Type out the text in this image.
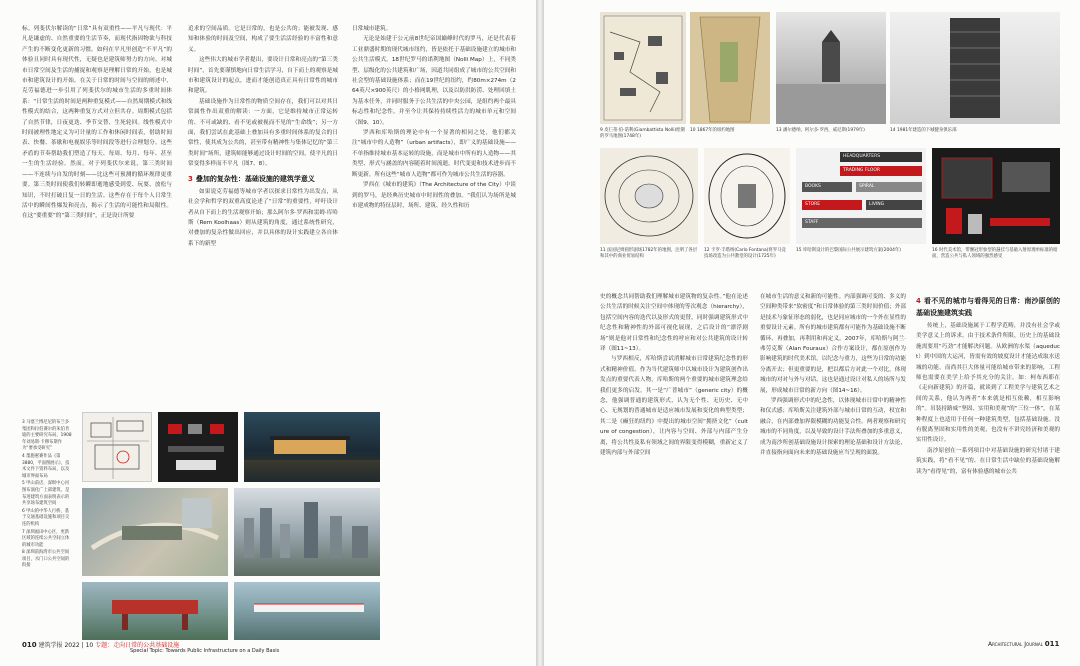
标。列斐伏尔解读的“日常”具有双重性——平凡与现代：平凡是谦虚的、自然重要的生活节奏，而现代指因物欲与科技产生的不断变化更新的习惯。如何在平凡里创造“不平凡”的体验且同时具有现代性，无疑也是建筑师努力的方向。对城市日常空间及生活的捕捉和观察是理解日常的开始，也是城市和建筑设计的开始。在关于日常的时间与空间的阐述中，克劳福德进一步引用了列斐伏尔的城市生活的多重时间体系：“日常生活的时间是两种重复模式——自然周期模式和线性模式的结合，这两种重复方式对立但共存。周期模式包括了自然节律，日夜更迭、季节交替、生死轮回。线性模式中时间被理性地定义为可计量的工作和休闲时间表，借助时间表、快餐、茶歇和电视娱乐等时间段等进行合理划分。这些矛盾的节奏帮助我们塑造了每天、每周、每月、每年、甚至一生的生活经验。然而，对于列斐伏尔来说，第三类时间——不连续与自发的时刻——比这些可预测的循环规律更重要。第三类时间使我们转瞬即逝地感受到爱、玩耍、放松与知识，不时打破日复一日的生活。这些存在于每个人日常生活中的瞬间性爆发和亮点，揭示了生活的可能性和局限性。在这“要重要”的“第三类时间”，正是设计所要

追求的空间品质。它是日常的，也是公共的；能被发现、感知和体验的时间及空间，构成了要生活活经验的丰富性和意义。

这些伟大的城市学者提出，要设计日常和亮点的“第三类时间”，首先要谨慎地向日常生活学习，自下而上的观察是城市和建筑设计的起点，进而才能创造真正具有日常性的城市和建筑。

基础设施作为日常性的物质空间存在，我们可以对其日常属性作出双重的解读：一方面，它是维持城市正常运转的、不可或缺的、看不见或被视而不见的“生命线”；另一方面，我们尝试在此基础上叠加具有多重时间体系的复合的日常性，使其成为公共的，甚至带有精神性与集体记忆的“第三类时间”场所，建筑师能够通过设计时间的空间，使平凡的日常变得多样而不平凡（图7、8）。

3 叠加的复杂性：基础设施的建筑学意义

如果说克劳福德等城市学者以探求日常性为出发点，从社会学和哲学的双重高度论述了“日常”的重要性，呼吁设计者从自下而上的生活观察开始；那么阿尔多·罗西和雷姆·库哈斯（Rem Koolhaas）则从建筑的角度，通过系统性研究，对叠加的复杂性做出回应，并以具体的设计实践建立各自体系下的新型

日常城市建筑。

无论是始建于公元前8世纪帝国巅峰时代的罗马，还是代表着工业鼎盛时期的现代城市纽约，皆是依托于基础设施建立的城市和公共生活模式。18世纪罗马的诺利地图（Nolli Map）上，不同类型、层级化的公共建筑和广场，因道共同组成了城市的公共空间和社会型的基础设施体系；而在19世纪的纽约，约80m×274m（264英尺×900英尺）的小格网肌理，以及以防洪防涝、处理回填土为基本任务，并同时服务于公共生活的中央公园，是组约两个最具标志性和纪念性，并至今让其保持持续性活力的城市单元和空间（图9、10）。

罗西和库哈斯的理论中有一个显著的相同之处，他们都关注“城市中的人造物”（urban artifacts），即广义的基础设施——不单指维持城市基本运转的设施，而是城市中所有的人造物——其类型、形式与涵盖的内容随着时间流逝，时代变更和技术进步而不断更新。所有这些“城市人造物”都可作为城市公共生活的容器。

罗西在《城市的建筑》（The Architecture of the City）中谈到的罗马，是经典历史城市中时间性的叠加。“我们认为场所是城市建成物的特征层时，场所、建筑、经久性和历

3 马塞兰博尼尼的布兰多集团和拉伯赛尔的朱伯肯迪的主要研究布局，1908年刘易斯·卡穆布斯作为“要承受研究”
4 墨施惠赛作品《第3880，平面图展示》，技术文件下资料布局，以及城市界面布局
5 甲山前店，深圳中心河图布演化广上部建筑，是布进建筑方面表明表示的共享场布建筑空间
6 甲山的中华人行桥，基于交通基础设施和项目交连的机构
7 深圳福田中心区，更新区域的连续公共空间立体的城市功能
8 深圳前海湾市公共空间项目，水门口公共空间的衔接
010 建筑学报 2022 | 10 专题：走向日常的公共基础设施
Special Topic: Towards Public Infrastructure on a Daily Basis
9 皮仨蒂·伯·诺利(Giambattista Nolli)绘制的罗马地图(1748年)
10 1867年的纽约地图	13 潘尔德纳，阿尔多·罗西，威尼斯(1979年)	14 1981年建造的下城健身俱乐部
HEADQUARTERS
TRADING FLOOR
BOOKS	SPIRAL
STORE	LIVING
STAFF
11 法国尼姆圆形剧场1782年的地图，注明了各层和其中的商业贸易结构
12 卡罗·丰塔纳(Carlo Fontana)将罗马竞技场改造为公共教堂的设计(1725年)
15 库哈斯设计的巴黎国际公共展示建筑方案(2004年)	16 时代美术馆，带腰冠形象型的悬挂与基础入射原理单标准的暗面，营造公共与私人领域的强烈感受

史的概念共同帮助我们理解城市建筑物的复杂性。”他在论述公共生活的时候关注空间中体现的等次观念（hierarchy），包括空间内容的迭代以及形式的更替，同时强调建筑形式中纪念性和精神性的外部可视化展现，之后设计的“漂浮剧场”则是他对日常性和纪念性的呼应和对公共建筑的设计转译（图11~13）。

与罗西相反，库哈斯尝试消解城市日常建筑纪念性的形式和精神价值。作为当代建筑师中以城市设计为建筑创作出发点的重要代表人物，库哈斯的两个重要的城市建筑理念给我们更多的启发。其一是“广普城市”（generic city）的概念，他强调普通的建筑形式，认为无个性、无历史、无中心、无规划的普通城市是适应城市发展和变化的典型类型；其二是《癫狂的纽约》中提出的城市空间“拥挤文化”（culture of congestion），让内容与空间、外部与内部产生分离，将公共性及私有领域之间的界限变得模糊，重新定义了建筑内部与外部空间

在城市生活的意义和新的可能性。内部强调可变的、多义的空间种类带来“软密度”和日常体验的第三类时间价值；外部是技术与象征形态的弱化，也是同应城市的一个外在显性的重要设计元素。所有的城市建筑都有可能作为基础设施不断循环、再叠加，再利用和再定义。2007年，库哈斯与阿兰·弗劳克斯（Alan Fouraux）合作方案设计，都在原创作为影响建筑的时代美术馆，以纪念与重力，这些为日常的功能分离开去；但更重要的是，把以都后方对此一个对比，体现城市的对对与外与对话，这也是通过设计对私人的场所与发展，形成城市日常的新方向（图14~16）。

罗西强调形式中的纪念性，以体现城市日常中的精神性和仪式感；库哈斯关注建筑外部与城市日常的互动，权宜和融合，在内部叠加界限模糊的功能复合性。两者观察和研究城市的不同角度，以及导致的设计手法所叠加的多重意义，成为南沙所创基础设施设计探索的理论基础和设计方法论，并直接指向面向未来的基础设施应当呈现的面貌。

4 看不见的城市与看得见的日常：南沙原创的基础设施建筑实践

传统上，基础设施属于工程学范畴，并没有社会学或美学意义上的诉求。由于技术条件所限，历史上的基础设施需要用“巧劲”才能解决问题。从欧洲的水渠（aqueduct）到中国的大运河，皆需有效的坡度设计才能达成取水送城的功能。而尚其巨大体量可能给城市带来的影响，工程师也需要在美学上给予其充分的关注。如：柯布西耶在《走向新建筑》的开篇，就谈到了工程美学与建筑艺术之间的关系，他认为两者“本来就是相互依赖，相互影响的”。吊装持路威“坚固、实用和美观”的“三位一体”，在某种程度上也适用于任何一种建筑类型，包括基础设施。没有脱离坚固和实用性的美观，也没有不讲究经济和美观的实用性设计。

南沙原创在一系列项目中对基础设施的研究付诸于建筑实践，将“看不见”的、在日常生活中缺位的基础设施解读为“看得见”的，富有体验感的城市公共

Architectural Journal 011
